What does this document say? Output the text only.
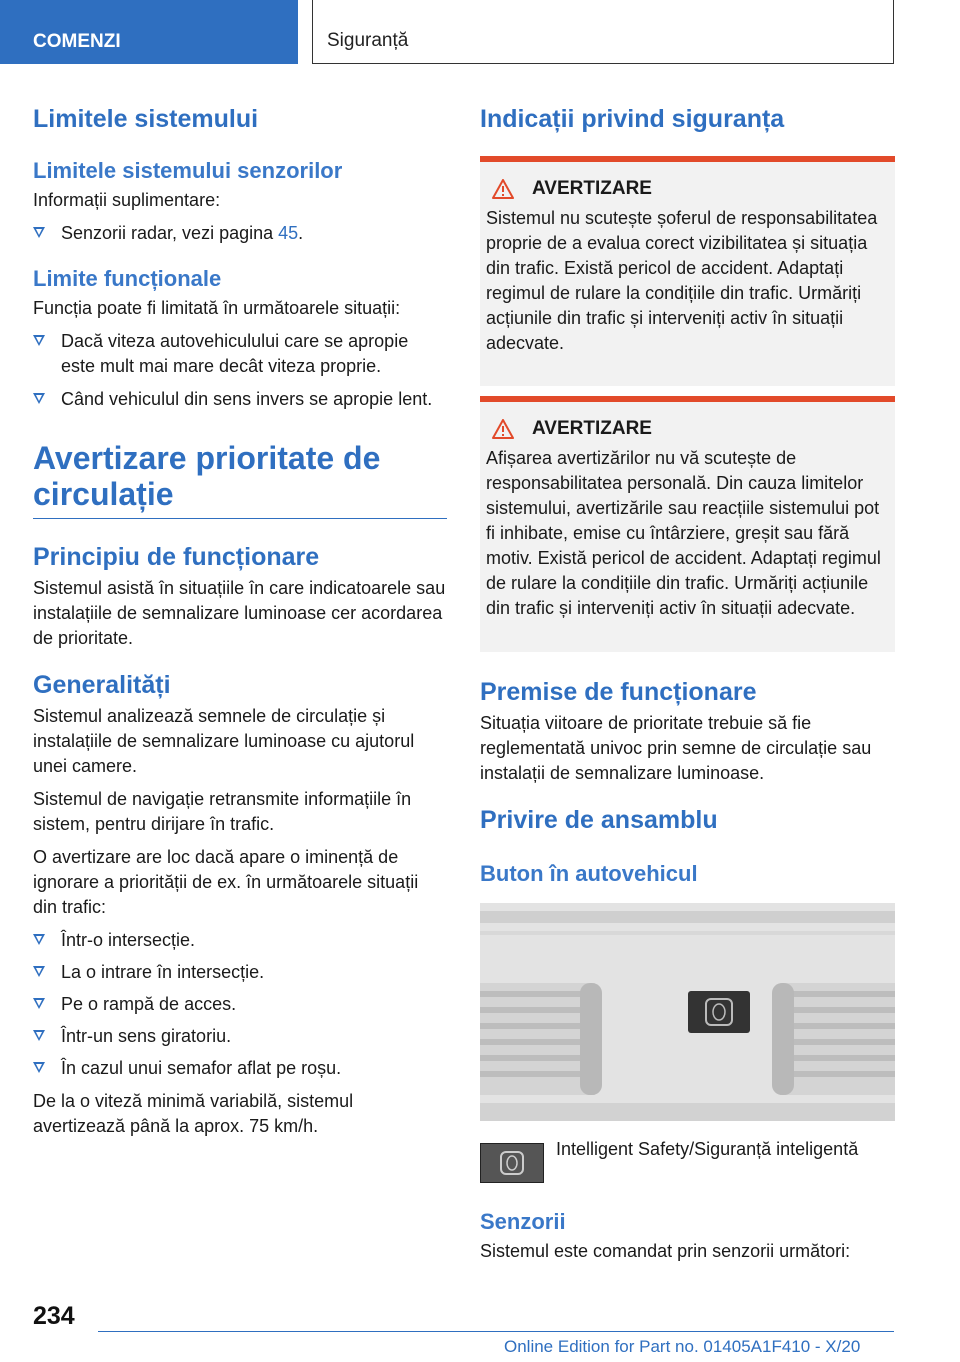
COMENZI	Siguranță
Limitele sistemului
Limitele sistemului senzorilor

Informații suplimentare:

Senzorii radar, vezi pagina 45.
Limite funcționale

Funcția poate fi limitată în următoarele situații:

Dacă viteza autovehiculului care se apropie este mult mai mare decât viteza proprie.
Când vehiculul din sens invers se apropie lent.
Avertizare prioritate de circulație
Principiu de funcționare

Sistemul asistă în situațiile în care indicatoarele sau instalațiile de semnalizare luminoase cer acordarea de prioritate.

Generalități

Sistemul analizează semnele de circulație și instalațiile de semnalizare luminoase cu ajutorul unei camere.

Sistemul de navigație retransmite informațiile în sistem, pentru dirijare în trafic.

O avertizare are loc dacă apare o iminență de ignorare a priorității de ex. în următoarele situații din trafic:

Într-o intersecție.
La o intrare în intersecție.
Pe o rampă de acces.
Într-un sens giratoriu.
În cazul unui semafor aflat pe roșu.

De la o viteză minimă variabilă, sistemul avertizează până la aprox. 75 km/h.

Indicații privind siguranța
AVERTIZARE

Sistemul nu scutește șoferul de responsabilitatea proprie de a evalua corect vizibilitatea și situația din trafic. Există pericol de accident. Adaptați regimul de rulare la condițiile din trafic. Urmăriți acțiunile din trafic și interveniți activ în situații adecvate.

AVERTIZARE

Afișarea avertizărilor nu vă scutește de responsabilitatea personală. Din cauza limitelor sistemului, avertizările sau reacțiile sistemului pot fi inhibate, emise cu întârziere, greșit sau fără motiv. Există pericol de accident. Adaptați regimul de rulare la condițiile din trafic. Urmăriți acțiunile din trafic și interveniți activ în situații adecvate.

Premise de funcționare

Situația viitoare de prioritate trebuie să fie reglementată univoc prin semne de circulație sau instalații de semnalizare luminoase.

Privire de ansamblu
Buton în autovehicul

Intelligent Safety/Siguranță inteligentă

Senzorii

Sistemul este comandat prin senzorii următori:

234
Online Edition for Part no. 01405A1F410 - X/20
